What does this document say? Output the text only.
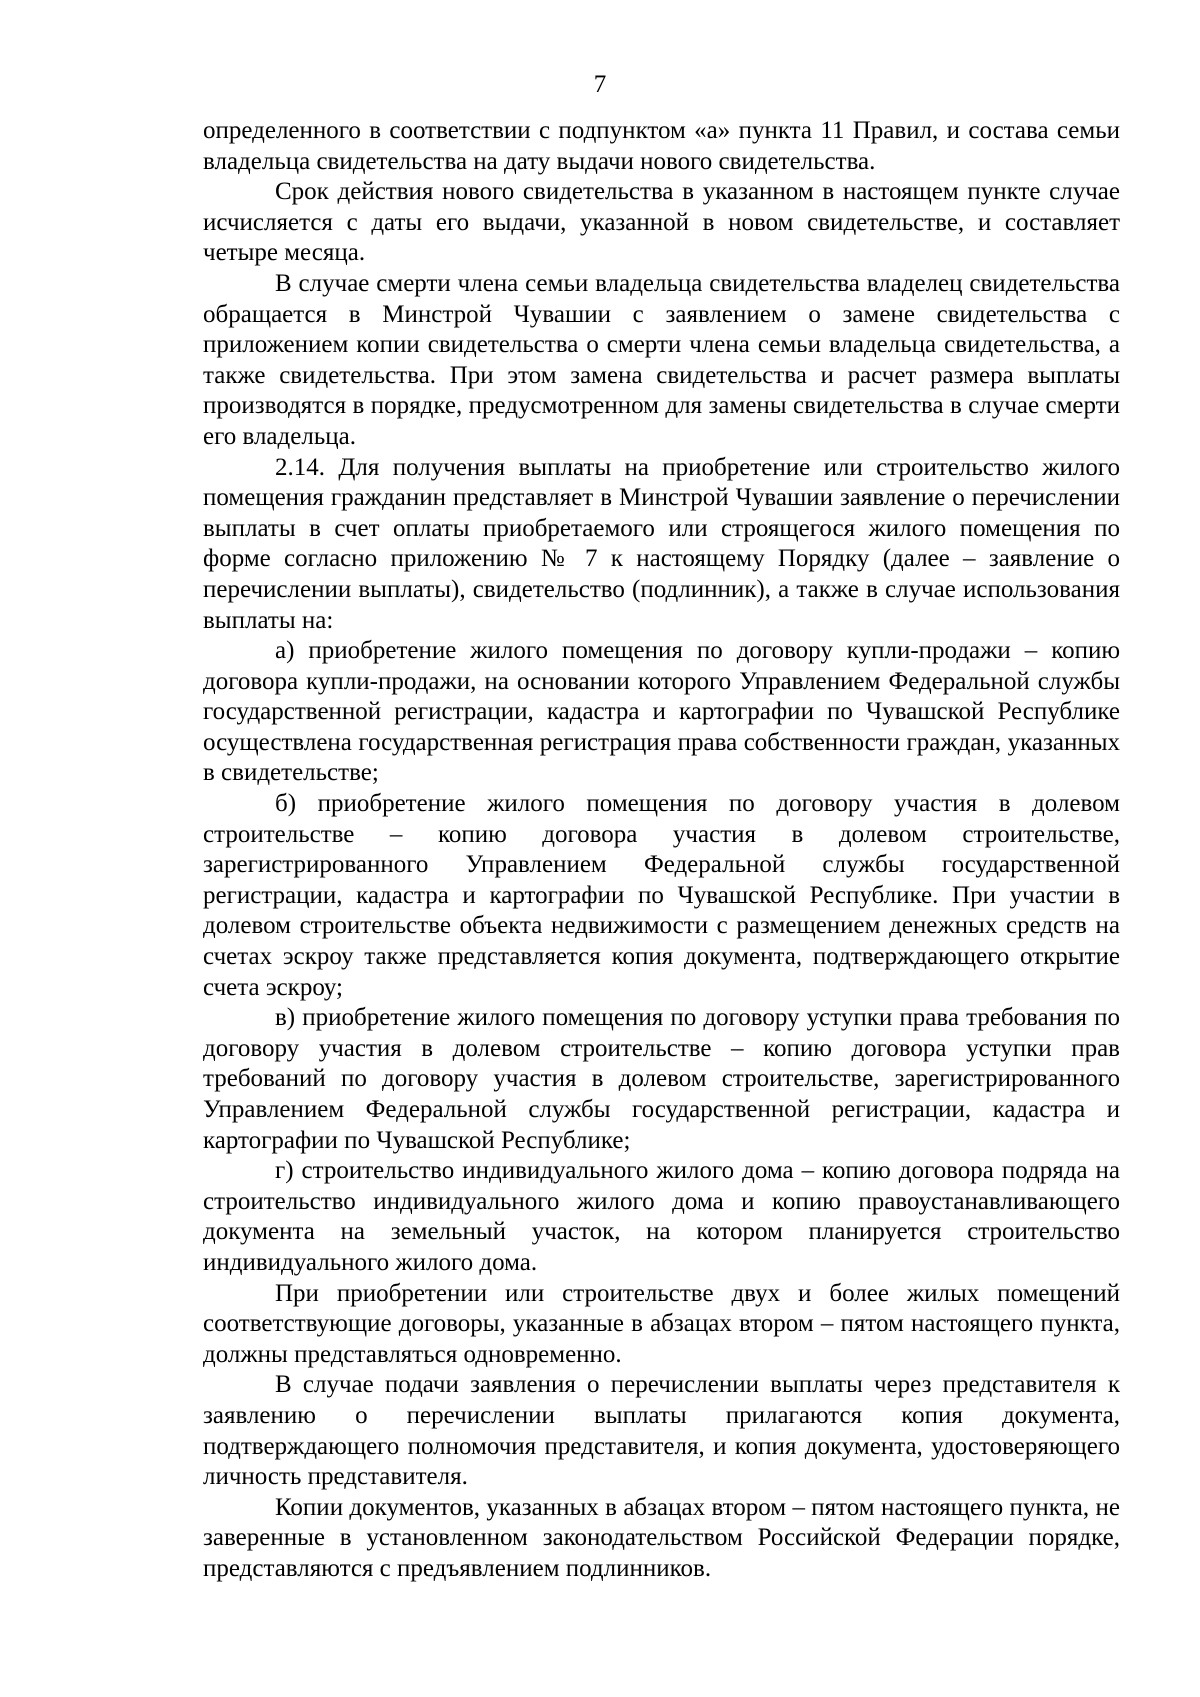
7

определенного в соответствии с подпунктом «а» пункта 11 Правил, и состава семьи владельца свидетельства на дату выдачи нового свидетельства.

Срок действия нового свидетельства в указанном в настоящем пункте случае исчисляется с даты его выдачи, указанной в новом свидетельстве, и составляет четыре месяца.

В случае смерти члена семьи владельца свидетельства владелец свидетельства обращается в Минстрой Чувашии с заявлением о замене свидетельства с приложением копии свидетельства о смерти члена семьи владельца свидетельства, а также свидетельства. При этом замена свидетельства и расчет размера выплаты производятся в порядке, предусмотренном для замены свидетельства в случае смерти его владельца.

2.14. Для получения выплаты на приобретение или строительство жилого помещения гражданин представляет в Минстрой Чувашии заявление о перечислении выплаты в счет оплаты приобретаемого или строящегося жилого помещения по форме согласно приложению № 7 к настоящему Порядку (далее – заявление о перечислении выплаты), свидетельство (подлинник), а также в случае использования выплаты на:

а) приобретение жилого помещения по договору купли-продажи – копию договора купли-продажи, на основании которого Управлением Федеральной службы государственной регистрации, кадастра и картографии по Чувашской Республике осуществлена государственная регистрация права собственности граждан, указанных в свидетельстве;

б) приобретение жилого помещения по договору участия в долевом строительстве – копию договора участия в долевом строительстве, зарегистрированного Управлением Федеральной службы государственной регистрации, кадастра и картографии по Чувашской Республике. При участии в долевом строительстве объекта недвижимости с размещением денежных средств на счетах эскроу также представляется копия документа, подтверждающего открытие счета эскроу;

в) приобретение жилого помещения по договору уступки права требования по договору участия в долевом строительстве – копию договора уступки прав требований по договору участия в долевом строительстве, зарегистрированного Управлением Федеральной службы государственной регистрации, кадастра и картографии по Чувашской Республике;

г) строительство индивидуального жилого дома – копию договора подряда на строительство индивидуального жилого дома и копию правоустанавливающего документа на земельный участок, на котором планируется строительство индивидуального жилого дома.

При приобретении или строительстве двух и более жилых помещений соответствующие договоры, указанные в абзацах втором – пятом настоящего пункта, должны представляться одновременно.

В случае подачи заявления о перечислении выплаты через представителя к заявлению о перечислении выплаты прилагаются копия документа, подтверждающего полномочия представителя, и копия документа, удостоверяющего личность представителя.

Копии документов, указанных в абзацах втором – пятом настоящего пункта, не заверенные в установленном законодательством Российской Федерации порядке, представляются с предъявлением подлинников.
